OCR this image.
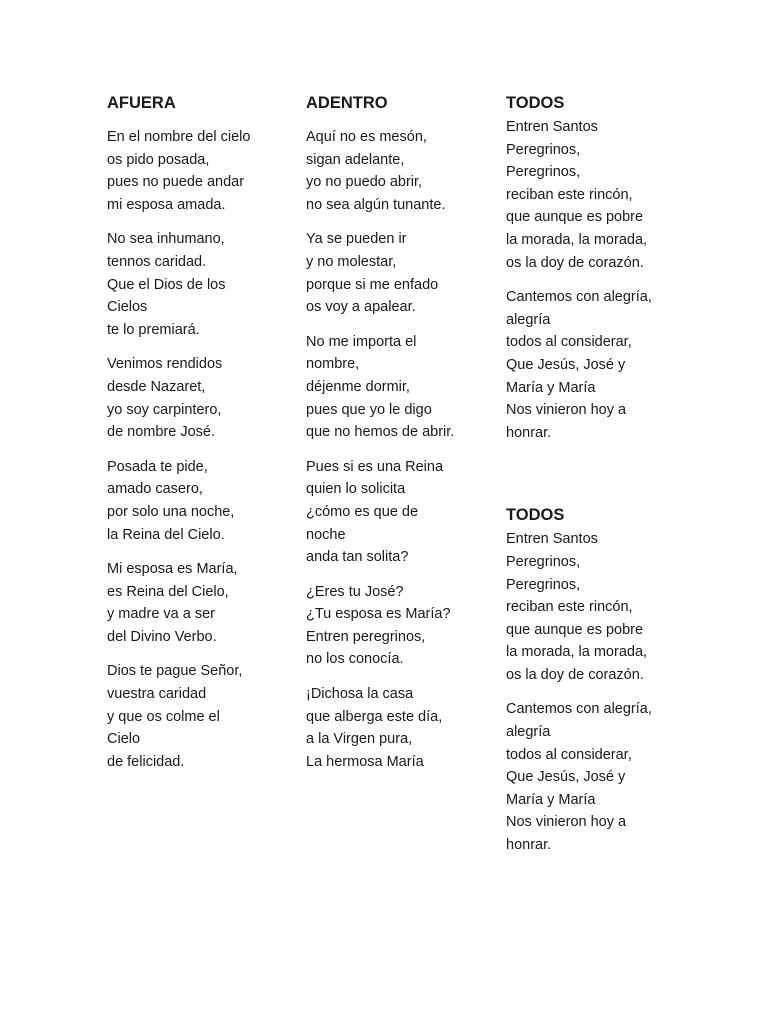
AFUERA
En el nombre del cielo
os pido posada,
pues no puede andar
mi esposa amada.
No sea inhumano,
tennos caridad.
Que el Dios de los
Cielos
te lo premiará.
Venimos rendidos
desde Nazaret,
yo soy carpintero,
de nombre José.
Posada te pide,
amado casero,
por solo una noche,
la Reina del Cielo.
Mi esposa es María,
es Reina del Cielo,
y madre va a ser
del Divino Verbo.
Dios te pague Señor,
vuestra caridad
y que os colme el
Cielo
de felicidad.
ADENTRO
Aquí no es mesón,
sigan adelante,
yo no puedo abrir,
no sea algún tunante.
Ya se pueden ir
y no molestar,
porque si me enfado
os voy a apalear.
No me importa el
nombre,
déjenme dormir,
pues que yo le digo
que no hemos de abrir.
Pues si es una Reina
quien lo solicita
¿cómo es que de
noche
anda tan solita?
¿Eres tu José?
¿Tu esposa es María?
Entren peregrinos,
no los conocía.
¡Dichosa la casa
que alberga este día,
a la Virgen pura,
La hermosa María
TODOS
Entren Santos
Peregrinos,
Peregrinos,
reciban este rincón,
que aunque es pobre
la morada, la morada,
os la doy de corazón.
Cantemos con alegría,
alegría
todos al considerar,
Que Jesús, José y
María y María
Nos vinieron hoy a
honrar.
TODOS
Entren Santos
Peregrinos,
Peregrinos,
reciban este rincón,
que aunque es pobre
la morada, la morada,
os la doy de corazón.
Cantemos con alegría,
alegría
todos al considerar,
Que Jesús, José y
María y María
Nos vinieron hoy a
honrar.
